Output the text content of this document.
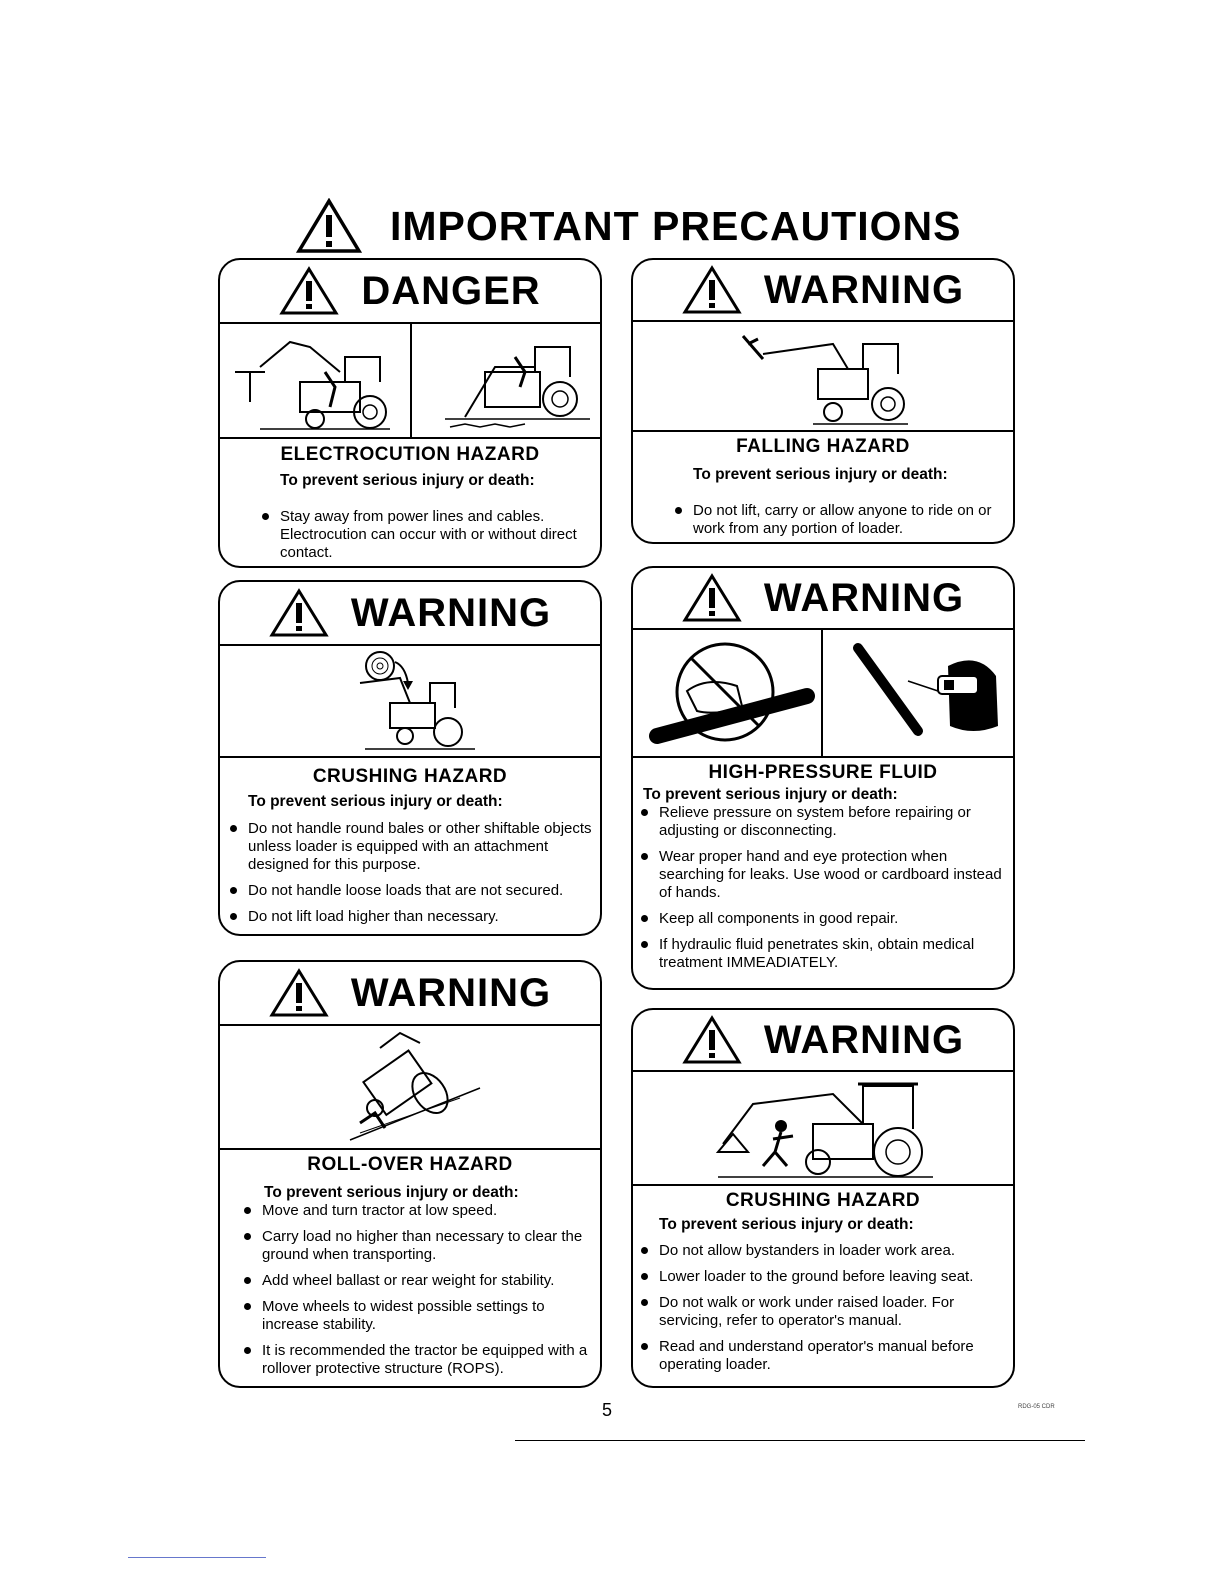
IMPORTANT PRECAUTIONS
DANGER
ELECTROCUTION HAZARD
To prevent serious injury or death:
Stay away from power lines and cables. Electrocution can occur with or without direct contact.
WARNING
FALLING HAZARD
To prevent serious injury or death:
Do not lift, carry or allow anyone to ride on or work from any portion of loader.
WARNING
CRUSHING HAZARD
To prevent serious injury or death:
Do not handle round bales or other shiftable objects unless loader is equipped with an attachment designed for this purpose.
Do not handle loose loads that are not secured.
Do not lift load higher than necessary.
WARNING
HIGH-PRESSURE FLUID
To prevent serious injury or death:
Relieve pressure on system before repairing or adjusting or disconnecting.
Wear proper hand and eye protection when searching for leaks. Use wood or cardboard instead of hands.
Keep all components in good repair.
If hydraulic fluid penetrates skin, obtain medical treatment IMMEADIATELY.
WARNING
ROLL-OVER HAZARD
To prevent serious injury or death:
Move and turn tractor at low speed.
Carry load no higher than necessary to clear the ground when transporting.
Add wheel ballast or rear weight for stability.
Move wheels to widest possible settings to increase stability.
It is recommended the tractor be equipped with a rollover protective structure (ROPS).
WARNING
CRUSHING HAZARD
To prevent serious injury or death:
Do not allow bystanders in loader work area.
Lower loader to the ground before leaving seat.
Do not walk or work under raised loader. For servicing, refer to operator's manual.
Read and understand operator's manual before operating loader.
5	RDG-05 CDR
